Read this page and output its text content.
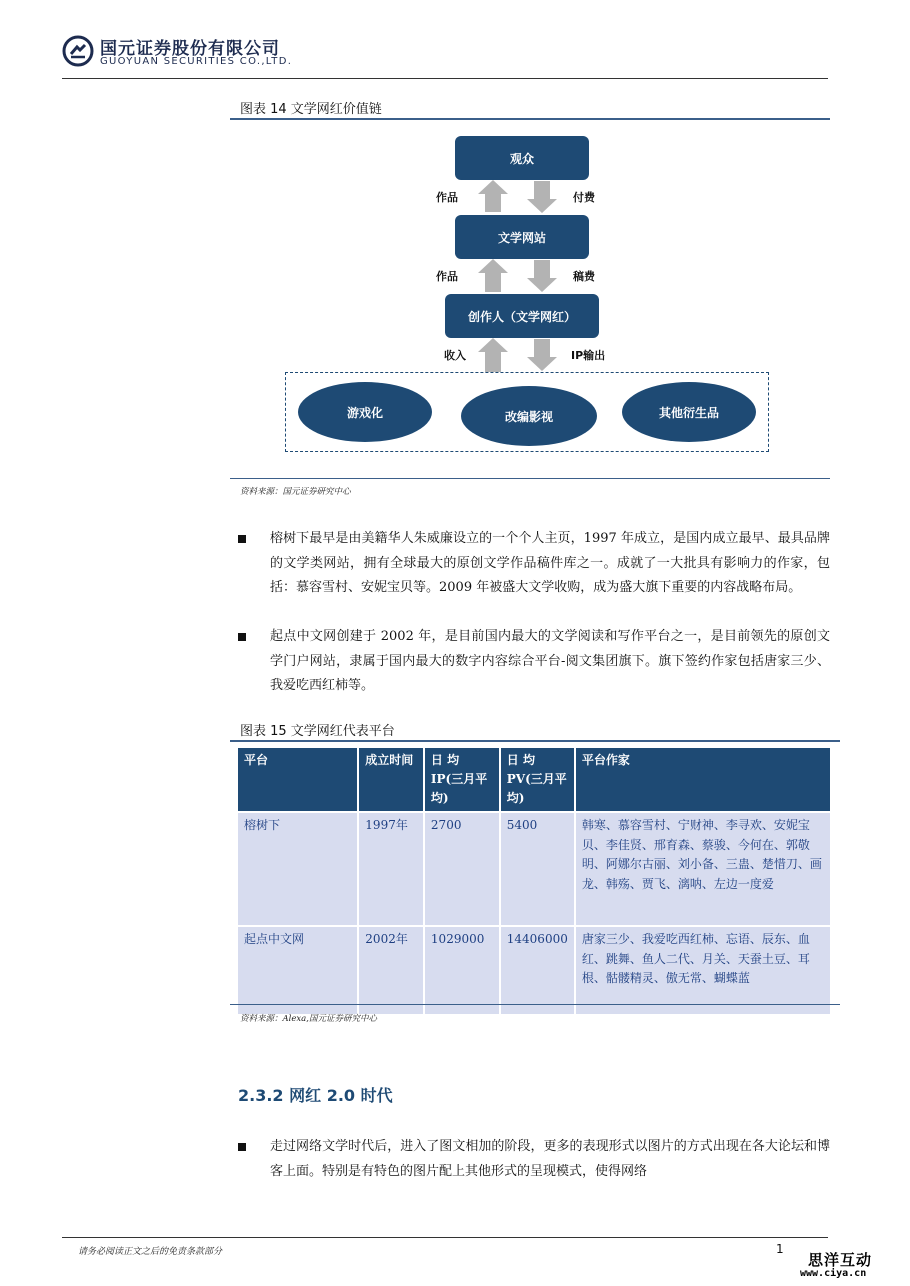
国元证券股份有限公司
GUOYUAN SECURITIES CO.,LTD.
图表 14 文学网红价值链
观众
文学网站
创作人（文学网红）
作品	付费
作品	稿费
收入	IP输出
游戏化	改编影视	其他衍生品
资料来源：国元证券研究中心
榕树下最早是由美籍华人朱威廉设立的一个个人主页，1997 年成立，是国内成立最早、最具品牌的文学类网站，拥有全球最大的原创文学作品稿件库之一。成就了一大批具有影响力的作家，包括：慕容雪村、安妮宝贝等。2009 年被盛大文学收购，成为盛大旗下重要的内容战略布局。
起点中文网创建于 2002 年，是目前国内最大的文学阅读和写作平台之一，是目前领先的原创文学门户网站，隶属于国内最大的数字内容综合平台-阅文集团旗下。旗下签约作家包括唐家三少、我爱吃西红柿等。
图表 15 文学网红代表平台
平台	成立时间	日 均 IP(三月平均)	日 均 PV(三月平均)	平台作家
榕树下	1997年	2700	5400	韩寒、慕容雪村、宁财神、李寻欢、安妮宝贝、李佳贤、邢育森、蔡骏、今何在、郭敬明、阿娜尔古丽、刘小备、三蛊、楚惜刀、画龙、韩殇、贾飞、漓呐、左边一度爱
起点中文网	2002年	1029000	14406000	唐家三少、我爱吃西红柿、忘语、辰东、血红、跳舞、鱼人二代、月关、天蚕土豆、耳根、骷髅精灵、傲无常、蝴蝶蓝
资料来源：Alexa,国元证券研究中心
2.3.2 网红 2.0 时代
走过网络文学时代后，进入了图文相加的阶段，更多的表现形式以图片的方式出现在各大论坛和博客上面。特别是有特色的图片配上其他形式的呈现模式，使得网络
请务必阅读正文之后的免责条款部分	1
思洋互动
www.ciya.cn
